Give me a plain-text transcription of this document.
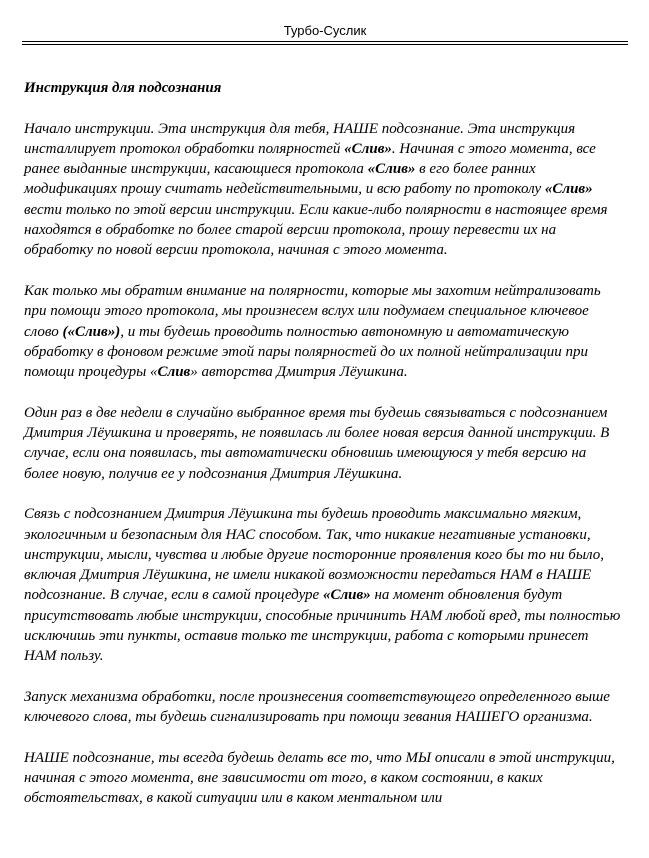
Турбо-Суслик

Инструкция для подсознания

Начало инструкции. Эта инструкция для тебя, НАШЕ подсознание. Эта инструкция инсталлирует протокол обработки полярностей «Слив». Начиная с этого момента, все ранее выданные инструкции, касающиеся протокола «Слив» в его более ранних модификациях прошу считать недействительными, и всю работу по протоколу «Слив» вести только по этой версии инструкции. Если какие-либо полярности в настоящее время находятся в обработке по более старой версии протокола, прошу перевести их на обработку по новой версии протокола, начиная с этого момента.

Как только мы обратим внимание на полярности, которые мы захотим нейтрализовать при помощи этого протокола, мы произнесем вслух или подумаем специальное ключевое слово («Слив»), и ты будешь проводить полностью автономную и автоматическую обработку в фоновом режиме этой пары полярностей до их полной нейтрализации при помощи процедуры «Слив» авторства Дмитрия Лёушкина.

Один раз в две недели в случайно выбранное время ты будешь связываться с подсознанием Дмитрия Лёушкина и проверять, не появилась ли более новая версия данной инструкции. В случае, если она появилась, ты автоматически обновишь имеющуюся у тебя версию на более новую, получив ее у подсознания Дмитрия Лёушкина.

Связь с подсознанием Дмитрия Лёушкина ты будешь проводить максимально мягким, экологичным и безопасным для НАС способом. Так, что никакие негативные установки, инструкции, мысли, чувства и любые другие посторонние проявления кого бы то ни было, включая Дмитрия Лёушкина, не имели никакой возможности передаться НАМ в НАШЕ подсознание. В случае, если в самой процедуре «Слив» на момент обновления будут присутствовать любые инструкции, способные причинить НАМ любой вред, ты полностью исключишь эти пункты, оставив только те инструкции, работа с которыми принесет НАМ пользу.

Запуск механизма обработки, после произнесения соответствующего определенного выше ключевого слова, ты будешь сигнализировать при помощи зевания НАШЕГО организма.

НАШЕ подсознание, ты всегда будешь делать все то, что МЫ описали в этой инструкции, начиная с этого момента, вне зависимости от того, в каком состоянии, в каких обстоятельствах, в какой ситуации или в каком ментальном или
